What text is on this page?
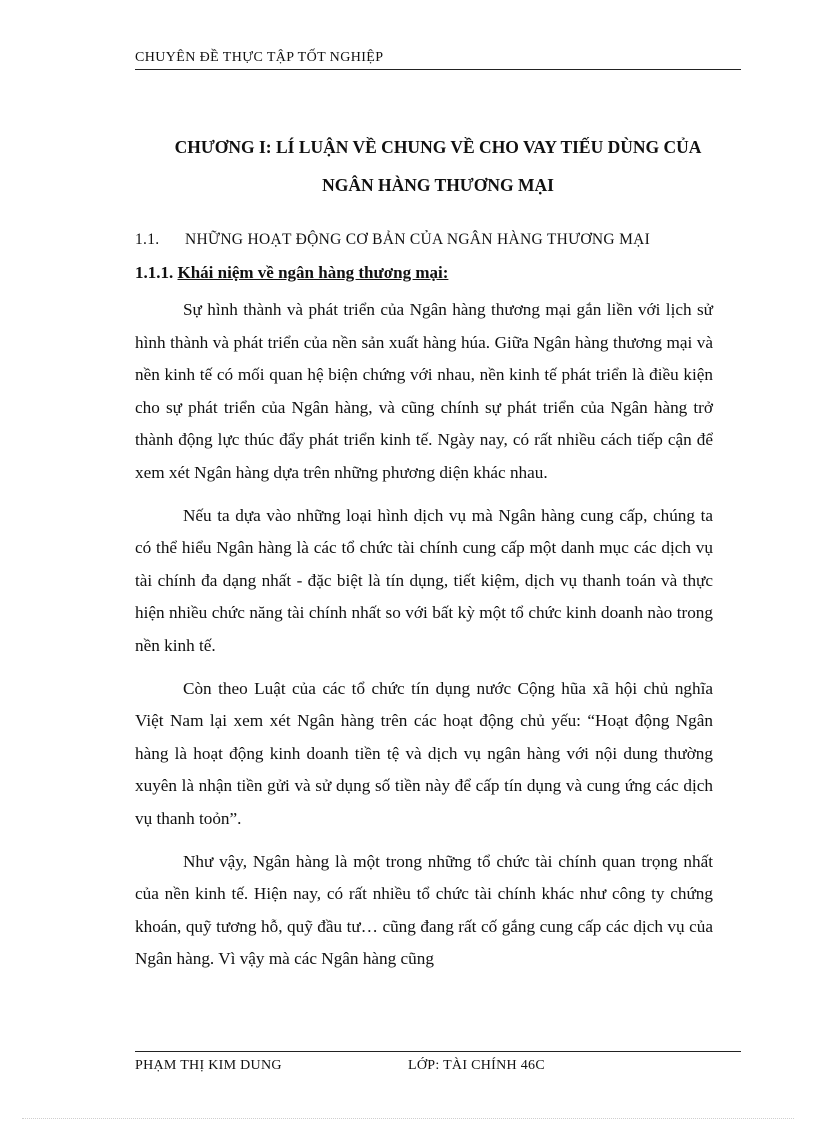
CHUYÊN ĐỀ THỰC TẬP TỐT NGHIỆP
CHƯƠNG I: LÍ LUẬN VỀ CHUNG VỀ CHO VAY TIẾU DÙNG CỦA
NGÂN HÀNG THƯƠNG MẠI
1.1. NHỮNG HOẠT ĐỘNG CƠ BẢN CỦA NGÂN HÀNG THƯƠNG MẠI
1.1.1. Khái niệm về ngân hàng thương mại:

Sự hình thành và phát triển của Ngân hàng thương mại gắn liền với lịch sử hình thành và phát triển của nền sản xuất hàng húa. Giữa Ngân hàng thương mại và nền kinh tế có mối quan hệ biện chứng với nhau, nền kinh tế phát triển là điều kiện cho sự phát triển của Ngân hàng, và cũng chính sự phát triển của Ngân hàng trở thành động lực thúc đẩy phát triển kinh tế. Ngày nay, có rất nhiều cách tiếp cận để xem xét Ngân hàng dựa trên những phương diện khác nhau.

Nếu ta dựa vào những loại hình dịch vụ mà Ngân hàng cung cấp, chúng ta có thể hiểu Ngân hàng là các tổ chức tài chính cung cấp một danh mục các dịch vụ tài chính đa dạng nhất - đặc biệt là tín dụng, tiết kiệm, dịch vụ thanh toán và thực hiện nhiều chức năng tài chính nhất so với bất kỳ một tổ chức kinh doanh nào trong nền kinh tế.

Còn theo Luật của các tổ chức tín dụng nước Cộng hũa xã hội chủ nghĩa Việt Nam lại xem xét Ngân hàng trên các hoạt động chủ yếu: “Hoạt động Ngân hàng là hoạt động kinh doanh tiền tệ và dịch vụ ngân hàng với nội dung thường xuyên là nhận tiền gửi và sử dụng số tiền này để cấp tín dụng và cung ứng các dịch vụ thanh toỏn”.

Như vậy, Ngân hàng là một trong những tổ chức tài chính quan trọng nhất của nền kinh tế. Hiện nay, có rất nhiều tổ chức tài chính khác như công ty chứng khoán, quỹ tương hỗ, quỹ đầu tư… cũng đang rất cố gắng cung cấp các dịch vụ của Ngân hàng. Vì vậy mà các Ngân hàng cũng

PHẠM THỊ KIM DUNG	LỚP: TÀI CHÍNH 46C
